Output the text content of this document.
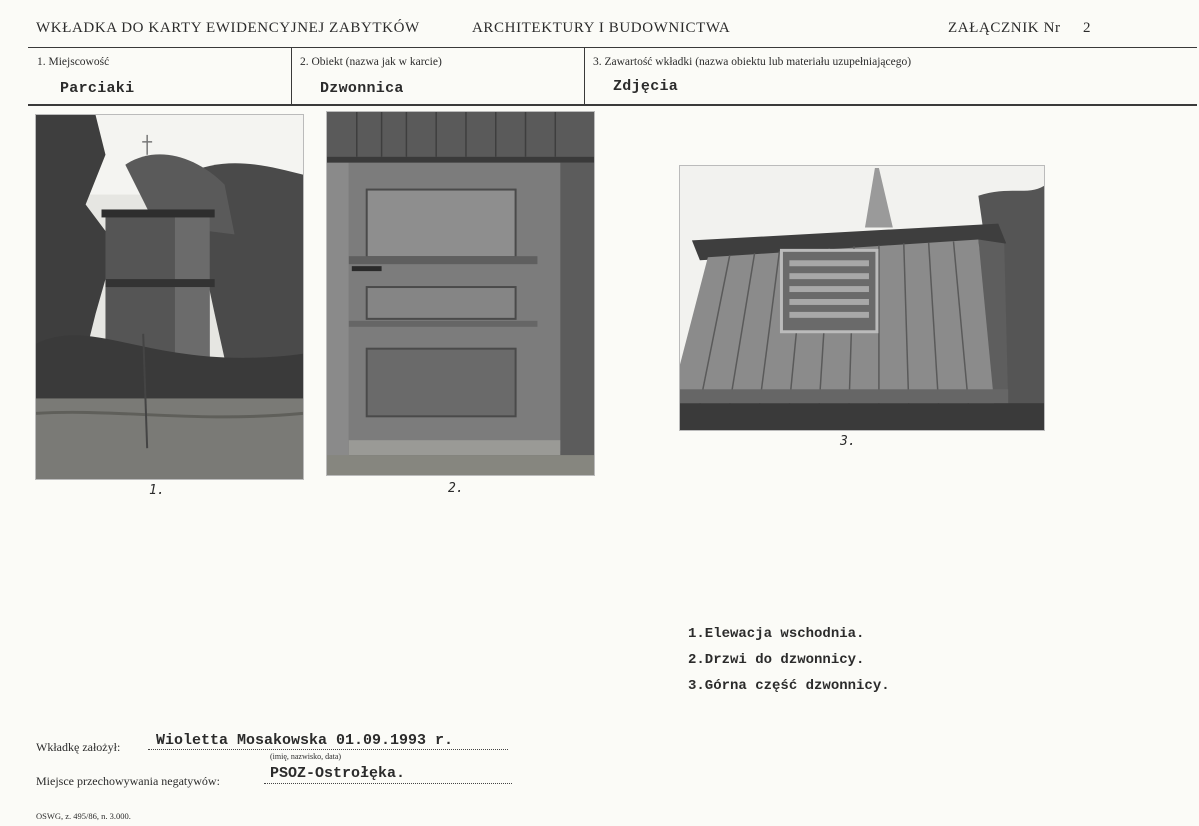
WKŁADKA DO KARTY EWIDENCYJNEJ ZABYTKÓW	ARCHITEKTURY I BUDOWNICTWA	ZAŁĄCZNIK Nr 2
1. Miejscowość
Parciaki
2. Obiekt (nazwa jak w karcie)
Dzwonnica
3. Zawartość wkładki (nazwa obiektu lub materiału uzupełniającego)
Zdjęcia
1.	2.
3.
1.Elewacja wschodnia.
2.Drzwi do dzwonnicy.
3.Górna część dzwonnicy.
Wkładkę założył: Wioletta Mosakowska 01.09.1993 r.
(imię, nazwisko, data)
Miejsce przechowywania negatywów:	PSOZ-Ostrołęka.
OSWG, z. 495/86, n. 3.000.
